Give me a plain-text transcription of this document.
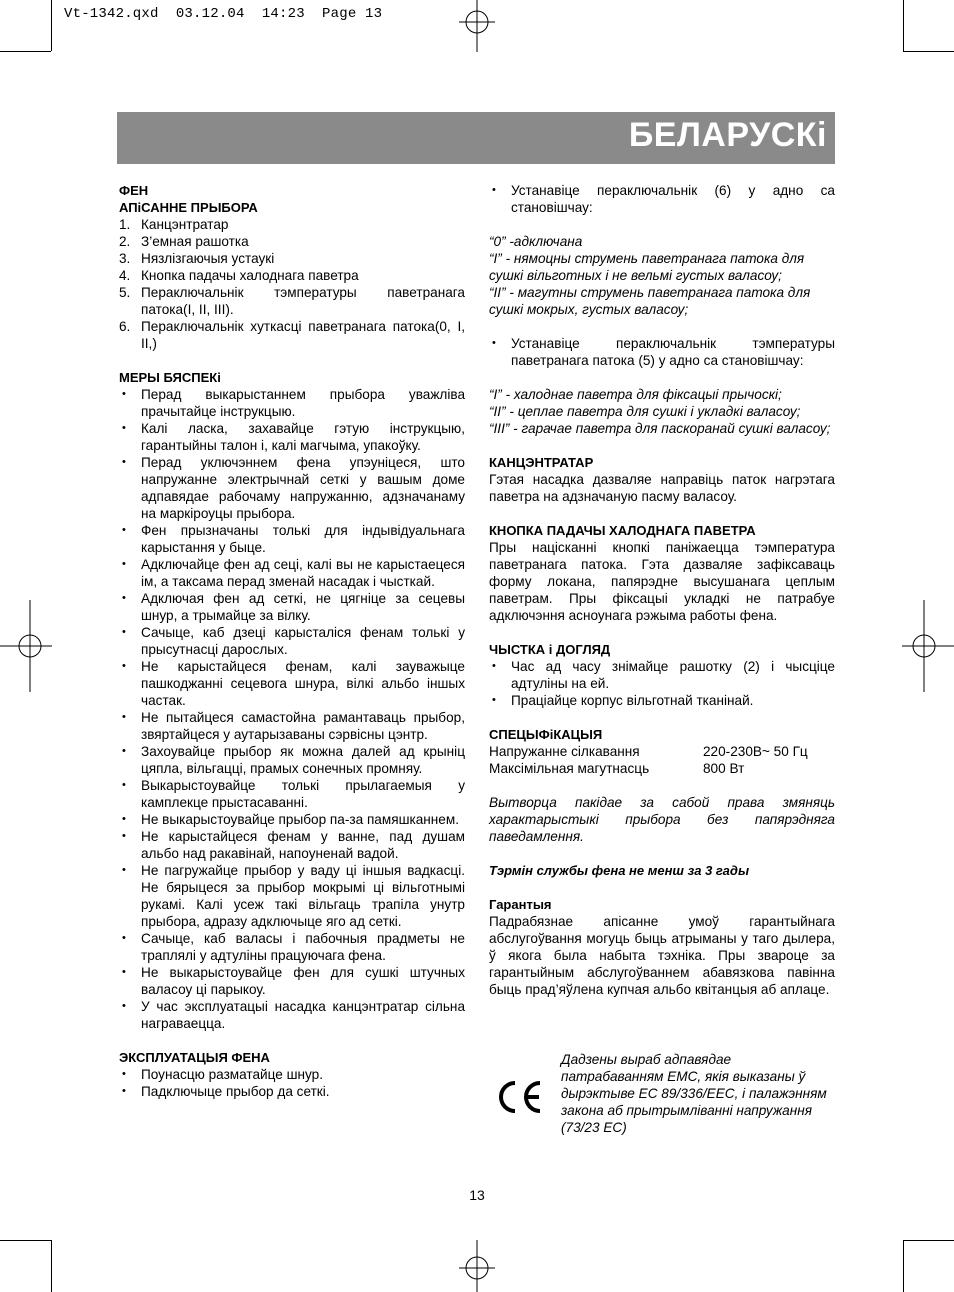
Vt-1342.qxd  03.12.04  14:23  Page 13
БЕЛАРУСКi
ФЕН
АПiСАННЕ ПРЫБОРА
1. Канцэнтратар
2. З’емная рашотка
3. Нязлізгаючыя устаукі
4. Кнопка падачы халоднага паветра
5. Пераключальнік тэмпературы паветранага патока(I, II, III).
6. Пераключальнік хуткасці паветранага патока(0, I, II,)
МЕРЫ БЯСПЕКi
• Перад выкарыстаннем прыбора уважліва прачытайце інструкцыю.
• Калі ласка, захавайце гэтую інструкцыю, гарантыйны талон і, калі магчыма, упакоўку.
• Перад уключэннем фена упэунiцеся, што напружанне электрычнай сеткі у вашым доме адпавядае рабочаму напружанню, адзначанаму на маркіроуцы прыбора.
• Фен прызначаны толькі для індывідуальнага карыстання у быце.
• Адключайце фен ад сеці, калі вы не карыстаецеся ім, а таксама перад зменай насадак і чысткай.
• Адключая фен ад сеткі, не цягніце за сецевы шнур, а трымайце за вілку.
• Сачыце, каб дзеці карысталіся фенам толькі у прысутнасці дарослых.
• Не карыстайцеся фенам, калі заувaжыце пашкоджанні сецевога шнура, вілкі альбо іншых частак.
• Не пытайцеся самастойна рамантаваць прыбор, звяртайцеся у аутарызаваны сэрвісны цэнтр.
• Захоувайце прыбор як можна далей ад крыніц цяпла, вільгацці, прамых сонечных промняу.
• Выкарыстоувайце толькі прылагаемыя у камплекце прыстасаванні.
• Не выкарыстоувайце прыбор па-за памяшканнем.
• Не карыстайцеся фенам у ванне, пад душам альбо над ракавiнай, напоуненай вадой.
• Не пагружайце прыбор у ваду ці іншыя вадкасці. Не бярыцеся за прыбор мокрымі ці вільготнымі рукамі. Калі усеж такі вільгаць трапіла унутр прыбора, адразу адключыце яго ад сеткі.
• Сачыце, каб валасы і пабочныя прадметы не траплялі у адтуліны працуючага фена.
• Не выкарыстоувайце фен для сушкі штучных валасоу ці парыкоу.
• У час эксплуатацыі насадка канцэнтратар сільна награваецца.
ЭКСПЛУАТАЦЫЯ ФЕНА
• Поунасцю разматайце шнур.
• Падключыце прыбор да сеткі.
• Устанавіце пераключальнік (6) у адно са становішчау:
“0” -адключана
“I” - нямоцны струмень паветранага патока для сушкі вільготных і не вельмі густых валасоу;
“II” - магутны струмень паветранага патока для сушкі мокрых, густых валасоу;
• Устанавіце пераключальнік тэмпературы паветранага патока (5) у адно са становішчау:
“I” - халоднае паветра для фiксацыi прычоскі;
“II” - цеплае паветра для сушкі і укладкі валасоу;
“III” - гарачае паветра для паскоранай сушкі валасоу;
КАНЦЭНТРАТАР
Гэтая насадка дазваляе направiць паток нагрэтага паветра на адзначаную пасму валасоу.
КНОПКА ПАДАЧЫ ХАЛОДНАГА ПАВЕТРА
Пры націсканні кнопкі паніжаецца тэмпература паветранага патока. Гэта дазваляе зафiксаваць форму локана, папярэдне высушанага цеплым паветрам. Пры фіксацыі укладкі не патрабуе адключэння асноунага рэжыма работы фена.
ЧЫСТКА і ДОГЛЯД
• Час ад часу знімайце рашотку (2) і чысціце адтуліны на ей.
• Праціайце корпус вільготнай тканінай.
СПЕЦЫФіКАЦЫЯ
Напружанне сілкавання	220-230В~ 50 Гц
Максімільная магутнасць	800 Вт
Вытворца пакiдае за сабой права змяняць характарыстыкі прыбора без папярэдняга паведамлення.
Тэрмін службы фена не менш за 3 гады
Гарантыя
Падрабязнае апісанне умоў гарантыйнага абслугоўвання могуць быць атрыманы у таго дылера, ў якога была набыта тэхніка. Пры звароце за гарантыйным абслугоўваннем абавязкова павінна быць прад’яўлена купчая альбо квітанцыя аб аплаце.
Дадзены выраб адпавядае патрабаванням EMC, якія выказаны ў дырэктыве EC 89/336/EEC, і палажэнням закона аб прытрымліванні напружання (73/23 EC)
13
